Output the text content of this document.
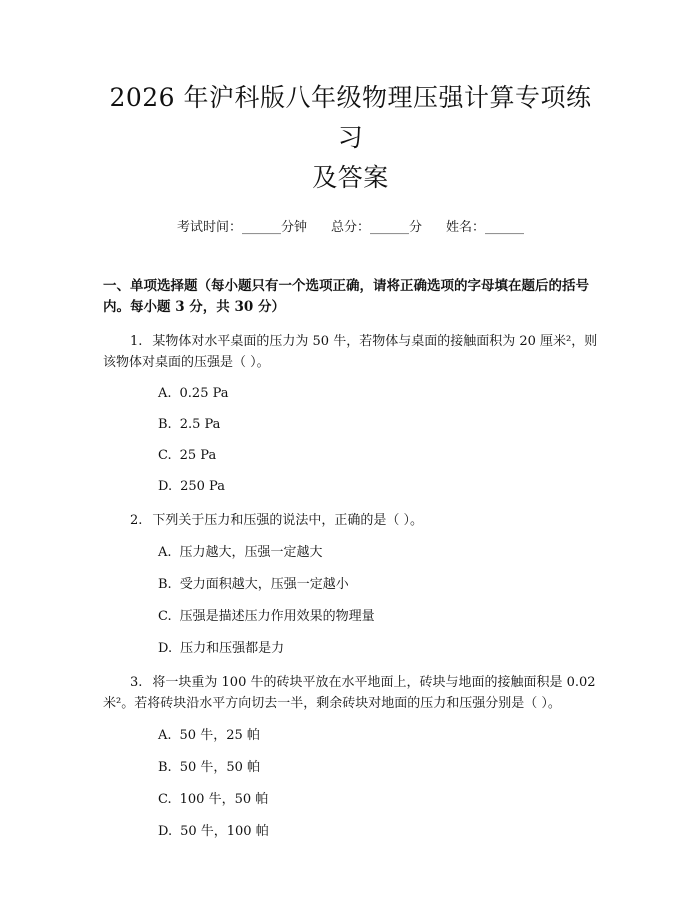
2026 年沪科版八年级物理压强计算专项练习
及答案
考试时间：______分钟 总分：______分 姓名：______
一、单项选择题（每小题只有一个选项正确，请将正确选项的字母填在题后的括号内。每小题 3 分，共 30 分）
1. 某物体对水平桌面的压力为 50 牛，若物体与桌面的接触面积为 20 厘米²，则该物体对桌面的压强是（ ）。
A. 0.25 Pa
B. 2.5 Pa
C. 25 Pa
D. 250 Pa
2. 下列关于压力和压强的说法中，正确的是（ ）。
A. 压力越大，压强一定越大
B. 受力面积越大，压强一定越小
C. 压强是描述压力作用效果的物理量
D. 压力和压强都是力
3. 将一块重为 100 牛的砖块平放在水平地面上，砖块与地面的接触面积是 0.02 米²。若将砖块沿水平方向切去一半，剩余砖块对地面的压力和压强分别是（ ）。
A. 50 牛，25 帕
B. 50 牛，50 帕
C. 100 牛，50 帕
D. 50 牛，100 帕
